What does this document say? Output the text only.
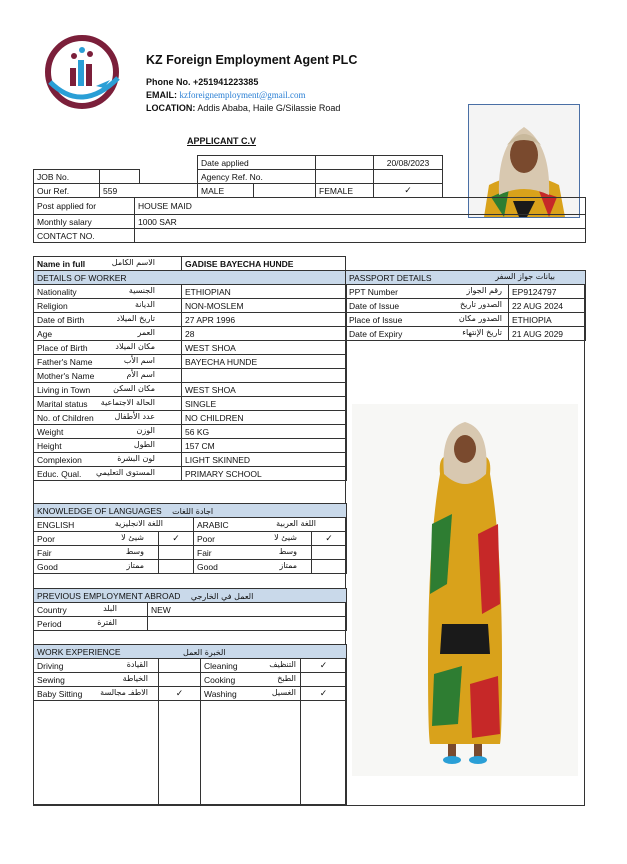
KZ Foreign Employment Agent PLC
Phone No. +251941223385
EMAIL: kzforeignemployment@gmail.com
LOCATION: Addis Ababa, Haile G/Silassie Road
APPLICANT C.V
Date applied		20/08/2023
Agency Ref. No.		
JOB No.	
Our Ref.	559	MALE		FEMALE	✓
Post applied for	HOUSE MAID
Monthly salary	1000 SAR
CONTACT NO.	
Name in full	الاسم الكامل	GADISE BAYECHA HUNDE
DETAILS OF WORKER	
Nationality الجنسية	ETHIOPIAN
Religion الديانة	NON-MOSLEM
Date of Birth تاريخ الميلاد	27 APR 1996
Age العمر	28
Place of Birth مكان الميلاد	WEST SHOA
Father's Name اسم الأب	BAYECHA HUNDE
Mother's Name اسم الأم	

Living in Town مكان السكن	WEST SHOA
Marital status الحالة الاجتماعية	SINGLE
No. of Children عدد الأطفال	NO CHILDREN
Weight الوزن	56 KG
Height الطول	157 CM
Complexion لون البشرة	LIGHT SKINNED
Educ. Qual. المستوى التعليمي	PRIMARY SCHOOL
PASSPORT DETAILS بيانات جواز السفر	

PPT Number رقم الجواز	EP9124797
Date of Issue الصدور تاريخ	22 AUG 2024
Place of Issue الصدور مكان	ETHIOPIA
Date of Expiry تاريخ الإنتهاء	21 AUG 2029
KNOWLEDGE OF LANGUAGES اجادة اللغات			
ENGLISH اللغة الانجليزية		ARABIC اللغة العربية	

Poor شيئ لا	✓	Poor شيئ لا	✓
Fair وسط		Fair وسط	

Good ممتاز		Good ممتاز	

PREVIOUS EMPLOYMENT ABROAD العمل في الخارجي	
Country البلد	NEW
Period الفترة	

WORK EXPERIENCE الخبرة العمل			
Driving القيادة		Cleaning التنظيف	✓
Sewing الخياطة		Cooking الطبخ	

Baby Sitting الاطفـ مجالسة	✓	Washing الغسيل	✓
